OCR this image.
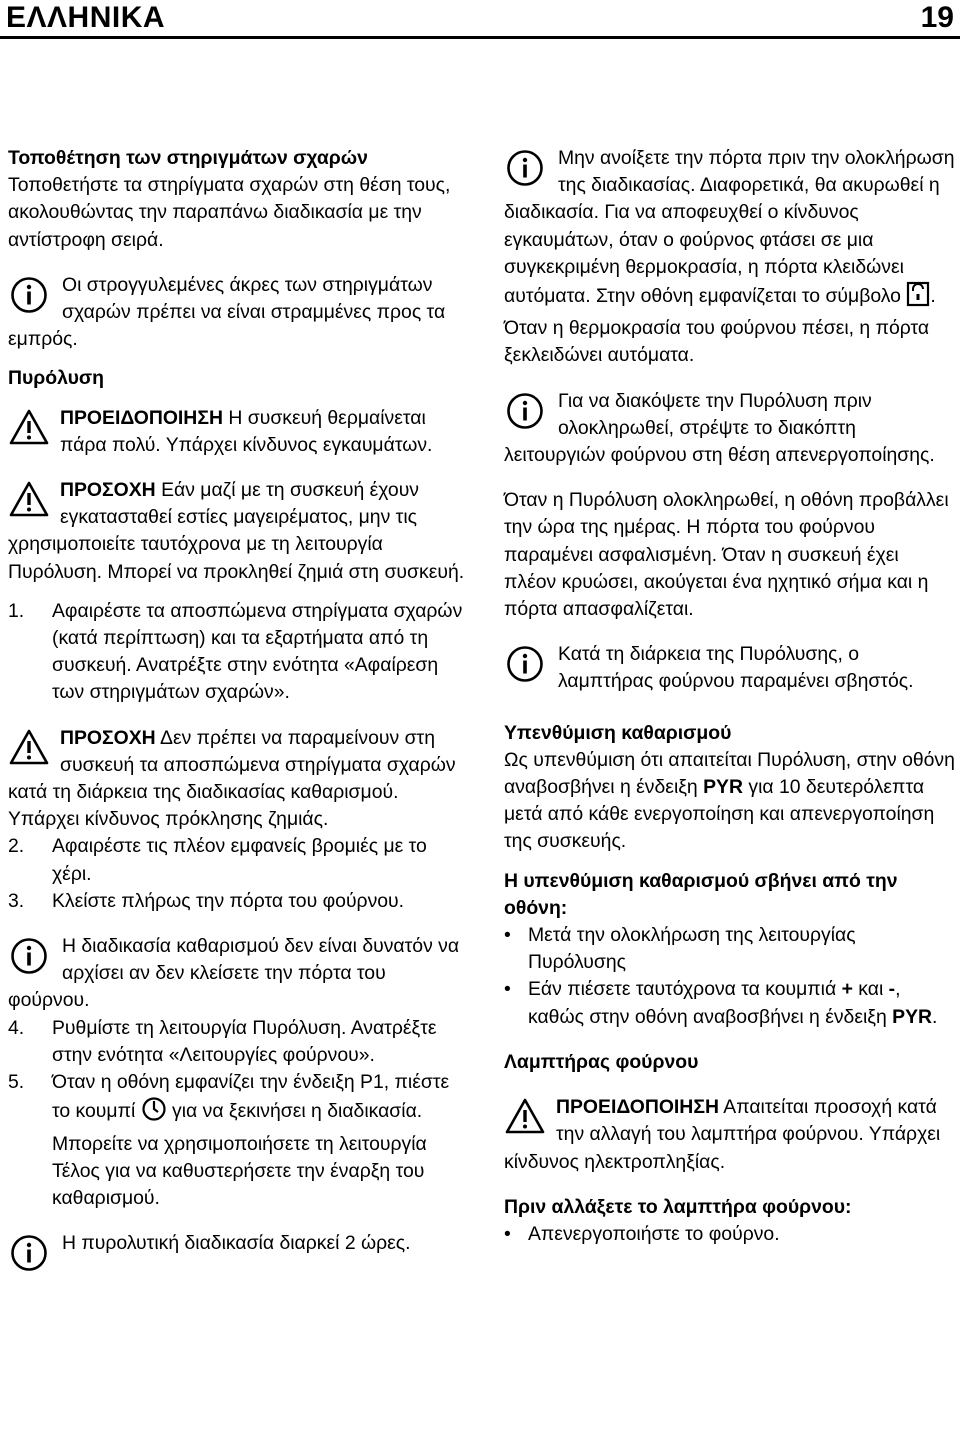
ΕΛΛΗΝΙΚΑ	19

Τοποθέτηση των στηριγμάτων σχαρών

Τοποθετήστε τα στηρίγματα σχαρών στη θέση τους, ακολουθώντας την παραπάνω διαδικασία με την αντίστροφη σειρά.

Οι στρογγυλεμένες άκρες των στηριγμάτων σχαρών πρέπει να είναι στραμμένες προς τα εμπρός.

Πυρόλυση

ΠΡΟΕΙΔΟΠΟΙΗΣΗ Η συσκευή θερμαίνεται πάρα πολύ. Υπάρχει κίνδυνος εγκαυμάτων.
ΠΡΟΣΟΧΗ Εάν μαζί με τη συσκευή έχουν εγκατασταθεί εστίες μαγειρέματος, μην τις χρησιμοποιείτε ταυτόχρονα με τη λειτουργία Πυρόλυση. Μπορεί να προκληθεί ζημιά στη συσκευή.
1.	Αφαιρέστε τα αποσπώμενα στηρίγματα σχαρών (κατά περίπτωση) και τα εξαρτήματα από τη συσκευή. Ανατρέξτε στην ενότητα «Αφαίρεση των στηριγμάτων σχαρών».
ΠΡΟΣΟΧΗ Δεν πρέπει να παραμείνουν στη συσκευή τα αποσπώμενα στηρίγματα σχαρών κατά τη διάρκεια της διαδικασίας καθαρισμού. Υπάρχει κίνδυνος πρόκλησης ζημιάς.
2.	Αφαιρέστε τις πλέον εμφανείς βρομιές με το χέρι.
3.	Κλείστε πλήρως την πόρτα του φούρνου.
Η διαδικασία καθαρισμού δεν είναι δυνατόν να αρχίσει αν δεν κλείσετε την πόρτα του φούρνου.
4.	Ρυθμίστε τη λειτουργία Πυρόλυση. Ανατρέξτε στην ενότητα «Λειτουργίες φούρνου».
5.	Όταν η οθόνη εμφανίζει την ένδειξη P1, πιέστε το κουμπί  για να ξεκινήσει η διαδικασία. Μπορείτε να χρησιμοποιήσετε τη λειτουργία Τέλος για να καθυστερήσετε την έναρξη του καθαρισμού.
Η πυρολυτική διαδικασία διαρκεί 2 ώρες.
Μην ανοίξετε την πόρτα πριν την ολοκλήρωση της διαδικασίας. Διαφορετικά, θα ακυρωθεί η διαδικασία. Για να αποφευχθεί ο κίνδυνος εγκαυμάτων, όταν ο φούρνος φτάσει σε μια συγκεκριμένη θερμοκρασία, η πόρτα κλειδώνει αυτόματα. Στην οθόνη εμφανίζεται το σύμβολο . Όταν η θερμοκρασία του φούρνου πέσει, η πόρτα ξεκλειδώνει αυτόματα.
Για να διακόψετε την Πυρόλυση πριν ολοκληρωθεί, στρέψτε το διακόπτη λειτουργιών φούρνου στη θέση απενεργοποίησης.

Όταν η Πυρόλυση ολοκληρωθεί, η οθόνη προβάλλει την ώρα της ημέρας. Η πόρτα του φούρνου παραμένει ασφαλισμένη. Όταν η συσκευή έχει πλέον κρυώσει, ακούγεται ένα ηχητικό σήμα και η πόρτα απασφαλίζεται.

Κατά τη διάρκεια της Πυρόλυσης, ο λαμπτήρας φούρνου παραμένει σβηστός.

Υπενθύμιση καθαρισμού

Ως υπενθύμιση ότι απαιτείται Πυρόλυση, στην οθόνη αναβοσβήνει η ένδειξη PYR για 10 δευτερόλεπτα μετά από κάθε ενεργοποίηση και απενεργοποίηση της συσκευής.

Η υπενθύμιση καθαρισμού σβήνει από την οθόνη:

• Μετά την ολοκλήρωση της λειτουργίας Πυρόλυσης
• Εάν πιέσετε ταυτόχρονα τα κουμπιά + και -, καθώς στην οθόνη αναβοσβήνει η ένδειξη PYR.

Λαμπτήρας φούρνου

ΠΡΟΕΙΔΟΠΟΙΗΣΗ Απαιτείται προσοχή κατά την αλλαγή του λαμπτήρα φούρνου. Υπάρχει κίνδυνος ηλεκτροπληξίας.

Πριν αλλάξετε το λαμπτήρα φούρνου:

• Απενεργοποιήστε το φούρνο.
